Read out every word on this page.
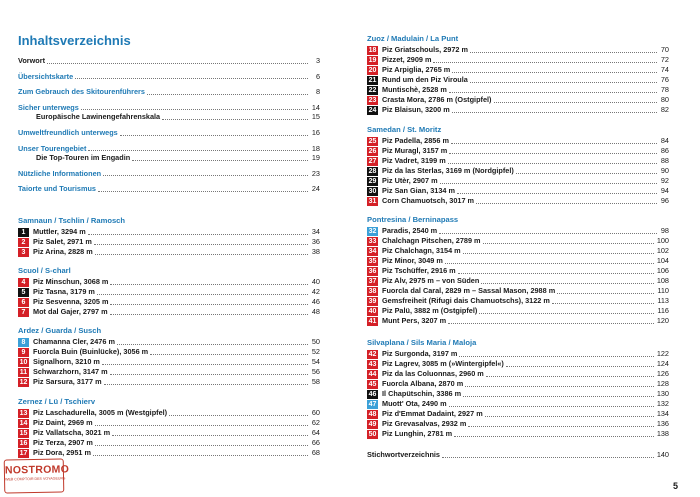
Inhaltsverzeichnis
Vorwort	3
Übersichtskarte	6
Zum Gebrauch des Skitourenführers	8
Sicher unterwegs	14
Europäische Lawinengefahrenskala	15
Umweltfreundlich unterwegs	16
Unser Tourengebiet	18
Die Top-Touren im Engadin	19
Nützliche Informationen	23
Taiorte und Tourismus	24
Samnaun / Tschlin / Ramosch
1	Muttler, 3294 m	34
2	Piz Salet, 2971 m	36
3	Piz Arina, 2828 m	38
Scuol / S-charl
4	Piz Minschun, 3068 m	40
5	Piz Tasna, 3179 m	42
6	Piz Sesvenna, 3205 m	46
7	Mot dal Gajer, 2797 m	48
Ardez / Guarda / Susch
8	Chamanna Cler, 2476 m	50
9	Fuorcla Buin (Buinlücke), 3056 m	52
10 Signalhorn, 3210 m	54
11 Schwarzhorn, 3147 m	56
12 Piz Sarsura, 3177 m	58
Zernez / Lü / Tschierv
13 Piz Laschadurella, 3005 m (Westgipfel)	60
14 Piz Daint, 2969 m	62
15 Piz Vallatscha, 3021 m	64
16 Piz Terza, 2907 m	66
17 Piz Dora, 2951 m	68
Zuoz / Madulain / La Punt
18 Piz Griatschouls, 2972 m	70
19 Pizzet, 2909 m	72
20 Piz Arpiglia, 2765 m	74
21 Rund um den Piz Viroula	76
22 Muntischè, 2528 m	78
23 Crasta Mora, 2786 m (Ostgipfel)	80
24 Piz Blaisun, 3200 m	82
Samedan / St. Moritz
25 Piz Padella, 2856 m	84
26 Piz Muragl, 3157 m	86
27 Piz Vadret, 3199 m	88
28 Piz da las Sterlas, 3169 m (Nordgipfel)	90
29 Piz Utèr, 2907 m	92
30 Piz San Gian, 3134 m	94
31 Corn Chamuotsch, 3017 m	96
Pontresina / Berninapass
32 Paradis, 2540 m	98
33 Chalchagn Pitschen, 2789 m	100
34 Piz Chalchagn, 3154 m	102
35 Piz Minor, 3049 m	104
36 Piz Tschüffer, 2916 m	106
37 Piz Alv, 2975 m – von Süden	108
38 Fuorcla dal Caral, 2829 m – Sassal Mason, 2988 m	110
39 Gemsfreiheit (Rifugi dais Chamuotschs), 3122 m	113
40 Piz Palü, 3882 m (Ostgipfel)	116
41 Munt Pers, 3207 m	120
Silvaplana / Sils Maria / Maloja
42 Piz Surgonda, 3197 m	122
43 Piz Lagrev, 3085 m (»Wintergipfel«)	124
44 Piz da las Coluonnas, 2960 m	126
45 Fuorcla Albana, 2870 m	128
46 Il Chapütschin, 3386 m	130
47 Muott' Ota, 2490 m	132
48 Piz d'Emmat Dadaint, 2927 m	134
49 Piz Grevasalvas, 2932 m	136
50 Piz Lunghin, 2781 m	138
Stichwortverzeichnis	140
5
NOSTROMO
WEB COMPTOIR DES VOYAGEURS
